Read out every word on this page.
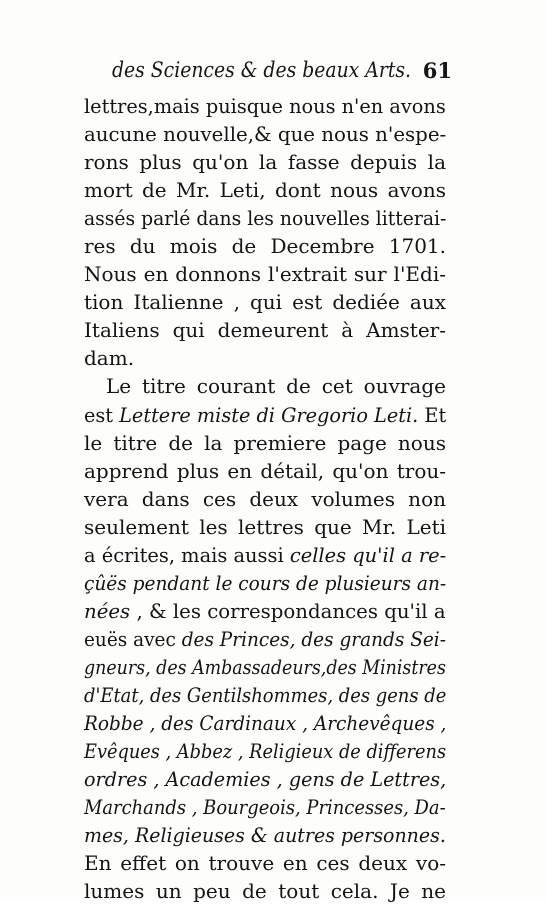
des Sciences & des beaux Arts. 61
lettres,mais puisque nous n'en avons
aucune nouvelle,& que nous n'espe-
rons plus qu'on la fasse depuis la
mort de Mr. Leti, dont nous avons
assés parlé dans les nouvelles litterai-
res du mois de Decembre 1701.
Nous en donnons l'extrait sur l'Edi-
tion Italienne , qui est dediée aux
Italiens qui demeurent à Amster-
dam.
Le titre courant de cet ouvrage
est Lettere miste di Gregorio Leti. Et
le titre de la premiere page nous
apprend plus en détail, qu'on trou-
vera dans ces deux volumes non
seulement les lettres que Mr. Leti
a écrites, mais aussi celles qu'il a re-
çûës pendant le cours de plusieurs an-
nées , & les correspondances qu'il a
euës avec des Princes, des grands Sei-
gneurs, des Ambassadeurs,des Ministres
d'Etat, des Gentilshommes, des gens de
Robbe , des Cardinaux , Archevêques ,
Evêques , Abbez , Religieux de differens
ordres , Academies , gens de Lettres,
Marchands , Bourgeois, Princesses, Da-
mes, Religieuses & autres personnes.
En effet on trouve en ces deux vo-
lumes un peu de tout cela. Je ne
